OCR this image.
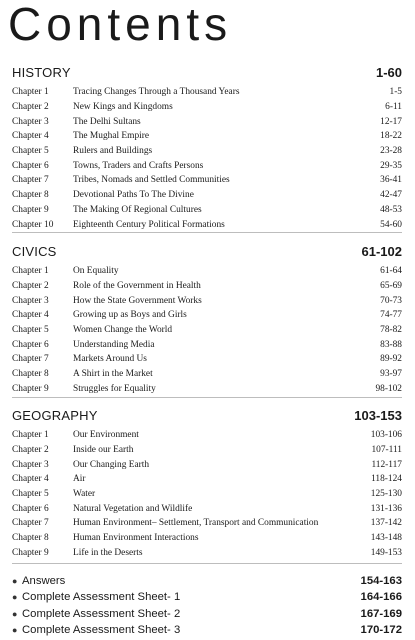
Contents
HISTORY	1-60
Chapter 1	Tracing Changes Through a Thousand Years	1-5
Chapter 2	New Kings and Kingdoms	6-11
Chapter 3	The Delhi Sultans	12-17
Chapter 4	The Mughal Empire	18-22
Chapter 5	Rulers and Buildings	23-28
Chapter 6	Towns, Traders and Crafts Persons	29-35
Chapter 7	Tribes, Nomads and Settled Communities	36-41
Chapter 8	Devotional Paths To The Divine	42-47
Chapter 9	The Making Of Regional Cultures	48-53
Chapter 10	Eighteenth Century Political Formations	54-60
CIVICS	61-102
Chapter 1	On Equality	61-64
Chapter 2	Role of the Government in Health	65-69
Chapter 3	How the State Government Works	70-73
Chapter 4	Growing up as Boys and Girls	74-77
Chapter 5	Women Change the World	78-82
Chapter 6	Understanding Media	83-88
Chapter 7	Markets Around Us	89-92
Chapter 8	A Shirt in the Market	93-97
Chapter 9	Struggles for Equality	98-102
GEOGRAPHY	103-153
Chapter 1	Our Environment	103-106
Chapter 2	Inside our Earth	107-111
Chapter 3	Our Changing Earth	112-117
Chapter 4	Air	118-124
Chapter 5	Water	125-130
Chapter 6	Natural Vegetation and Wildlife	131-136
Chapter 7	Human Environment– Settlement, Transport and Communication	137-142
Chapter 8	Human Environment Interactions	143-148
Chapter 9	Life in the Deserts	149-153
● Answers	154-163
● Complete Assessment Sheet- 1	164-166
● Complete Assessment Sheet- 2	167-169
● Complete Assessment Sheet- 3	170-172
